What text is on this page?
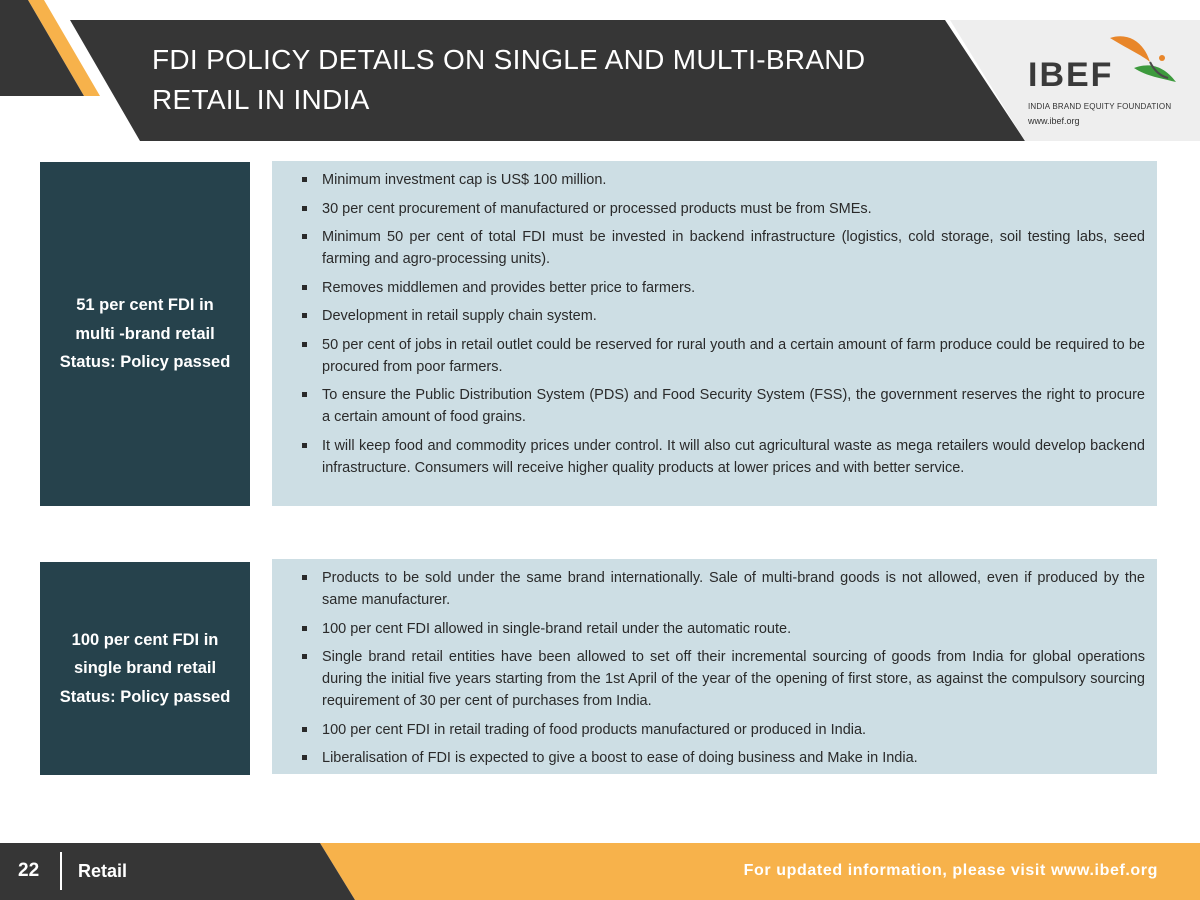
FDI POLICY DETAILS ON SINGLE AND MULTI-BRAND
RETAIL IN INDIA
IBEF
INDIA BRAND EQUITY FOUNDATION
www.ibef.org
51 per cent FDI in
multi -brand retail
Status: Policy passed
Minimum investment cap is US$ 100 million.
30 per cent procurement of manufactured or processed products must be from SMEs.
Minimum 50 per cent of total FDI must be invested in backend infrastructure (logistics, cold storage, soil testing labs, seed farming and agro-processing units).
Removes middlemen and provides better price to farmers.
Development in retail supply chain system.
50 per cent of jobs in retail outlet could be reserved for rural youth and a certain amount of farm produce could be required to be procured from poor farmers.
To ensure the Public Distribution System (PDS) and Food Security System (FSS), the government reserves the right to procure a certain amount of food grains.
It will keep food and commodity prices under control. It will also cut agricultural waste as mega retailers would develop backend infrastructure. Consumers will receive higher quality products at lower prices and with better service.
100 per cent FDI in
single brand retail
Status: Policy passed
Products to be sold under the same brand internationally. Sale of multi-brand goods is not allowed, even if produced by the same manufacturer.
100 per cent FDI allowed in single-brand retail under the automatic route.
Single brand retail entities have been allowed to set off their incremental sourcing of goods from India for global operations during the initial five years starting from the 1st April of the year of the opening of first store, as against the compulsory sourcing requirement of 30 per cent of purchases from India.
100 per cent FDI in retail trading of food products manufactured or produced in India.
Liberalisation of FDI is expected to give a boost to ease of doing business and Make in India.
22 Retail	For updated information, please visit www.ibef.org
